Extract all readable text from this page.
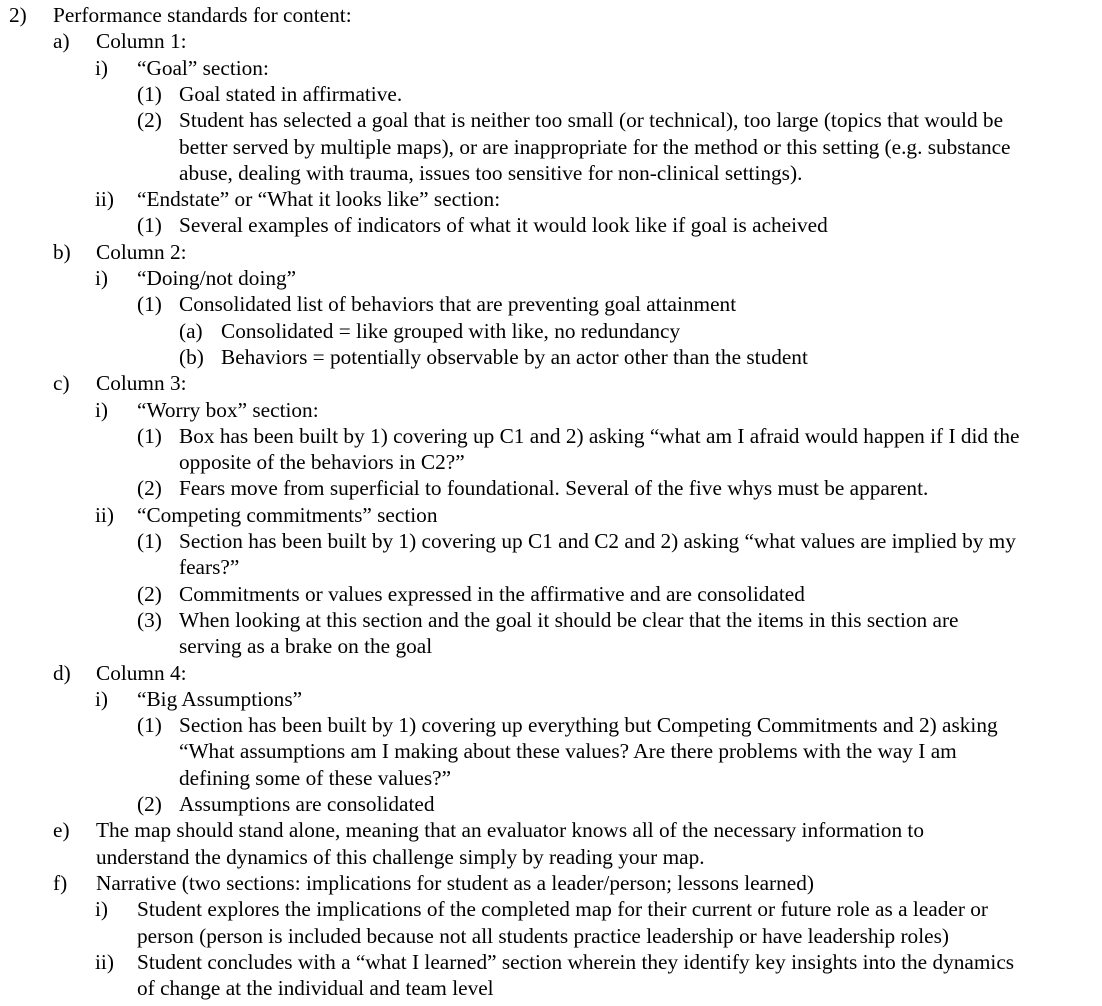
2) Performance standards for content:
a) Column 1:
i) “Goal” section:
(1) Goal stated in affirmative.
(2) Student has selected a goal that is neither too small (or technical), too large (topics that would be
better served by multiple maps), or are inappropriate for the method or this setting (e.g. substance
abuse, dealing with trauma, issues too sensitive for non-clinical settings).
ii) “Endstate” or “What it looks like” section:
(1) Several examples of indicators of what it would look like if goal is acheived
b) Column 2:
i) “Doing/not doing”
(1) Consolidated list of behaviors that are preventing goal attainment
(a) Consolidated = like grouped with like, no redundancy
(b) Behaviors = potentially observable by an actor other than the student
c) Column 3:
i) “Worry box” section:
(1) Box has been built by 1) covering up C1 and 2) asking “what am I afraid would happen if I did the
opposite of the behaviors in C2?”
(2) Fears move from superficial to foundational. Several of the five whys must be apparent.
ii) “Competing commitments” section
(1) Section has been built by 1) covering up C1 and C2 and 2) asking “what values are implied by my
fears?”
(2) Commitments or values expressed in the affirmative and are consolidated
(3) When looking at this section and the goal it should be clear that the items in this section are
serving as a brake on the goal
d) Column 4:
i) “Big Assumptions”
(1) Section has been built by 1) covering up everything but Competing Commitments and 2) asking
“What assumptions am I making about these values? Are there problems with the way I am
defining some of these values?”
(2) Assumptions are consolidated
e) The map should stand alone, meaning that an evaluator knows all of the necessary information to
understand the dynamics of this challenge simply by reading your map.
f) Narrative (two sections: implications for student as a leader/person; lessons learned)
i) Student explores the implications of the completed map for their current or future role as a leader or
person (person is included because not all students practice leadership or have leadership roles)
ii) Student concludes with a “what I learned” section wherein they identify key insights into the dynamics
of change at the individual and team level
